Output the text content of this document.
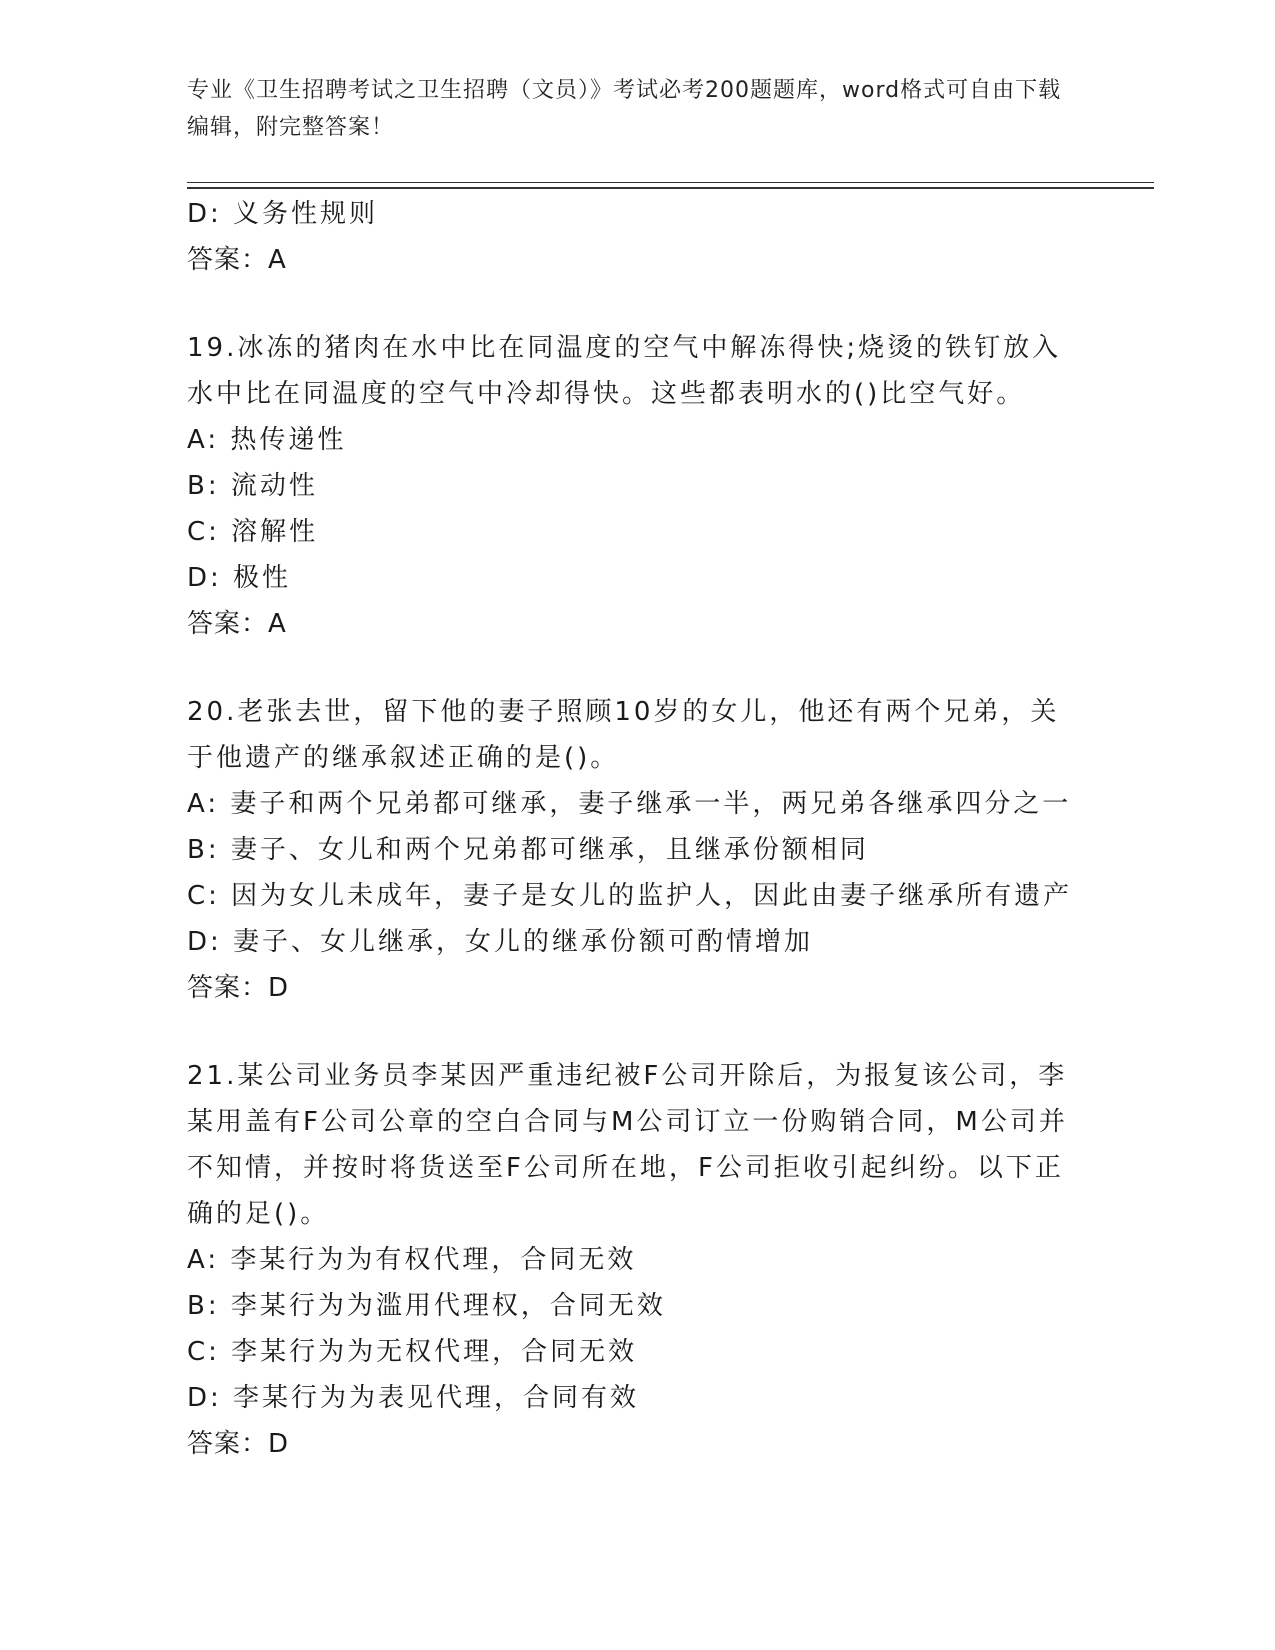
专业《卫生招聘考试之卫生招聘（文员）》考试必考200题题库，word格式可自由下载编辑，附完整答案！
D: 义务性规则
答案：A
19.冰冻的猪肉在水中比在同温度的空气中解冻得快;烧烫的铁钉放入
水中比在同温度的空气中冷却得快。这些都表明水的()比空气好。
A: 热传递性
B: 流动性
C: 溶解性
D: 极性
答案：A
20.老张去世，留下他的妻子照顾10岁的女儿，他还有两个兄弟，关
于他遗产的继承叙述正确的是()。
A: 妻子和两个兄弟都可继承，妻子继承一半，两兄弟各继承四分之一
B: 妻子、女儿和两个兄弟都可继承，且继承份额相同
C: 因为女儿未成年，妻子是女儿的监护人，因此由妻子继承所有遗产
D: 妻子、女儿继承，女儿的继承份额可酌情增加
答案：D
21.某公司业务员李某因严重违纪被F公司开除后，为报复该公司，李
某用盖有F公司公章的空白合同与M公司订立一份购销合同，M公司并
不知情，并按时将货送至F公司所在地，F公司拒收引起纠纷。以下正
确的足()。
A: 李某行为为有权代理，合同无效
B: 李某行为为滥用代理权，合同无效
C: 李某行为为无权代理，合同无效
D: 李某行为为表见代理，合同有效
答案：D
